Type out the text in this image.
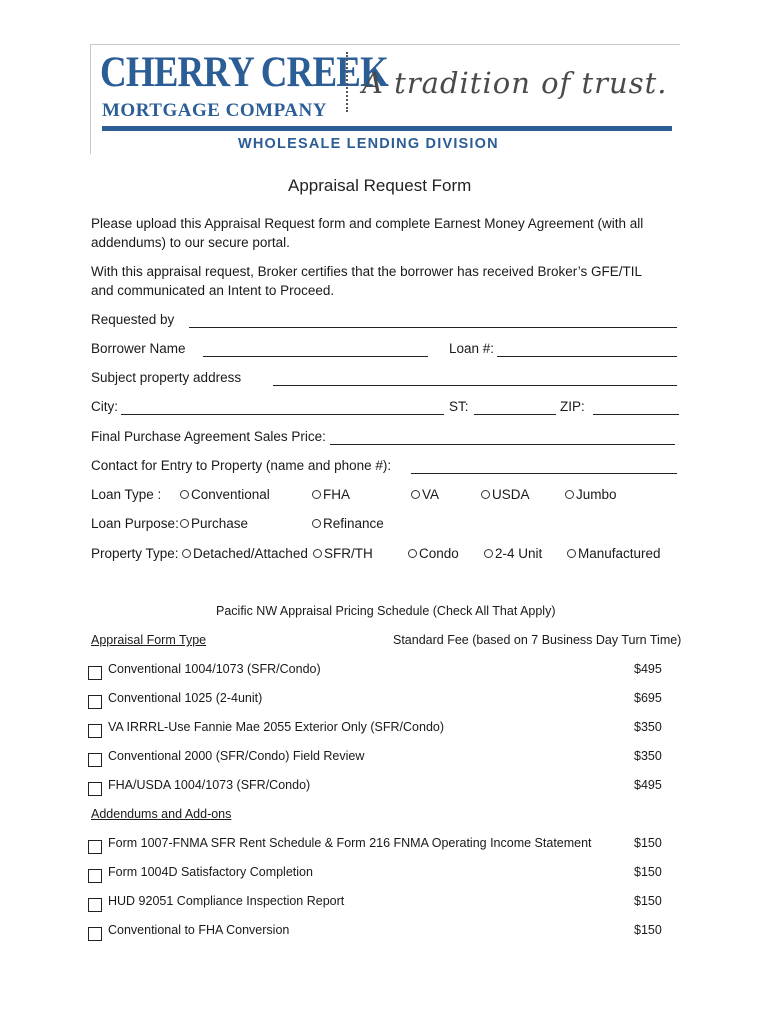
CHERRY CREEK
MORTGAGE COMPANY
A tradition of trust.
WHOLESALE LENDING DIVISION
Appraisal Request Form
Please upload this Appraisal Request form and complete Earnest Money Agreement (with all
addendums) to our secure portal.
With this appraisal request, Broker certifies that the borrower has received Broker’s GFE/TIL
and communicated an Intent to Proceed.
Requested by
Borrower Name	Loan #:
Subject property address
City:	ST:	ZIP:
Final Purchase Agreement Sales Price:
Contact for Entry to Property (name and phone #):
Loan Type :	Conventional	FHA	VA	USDA	Jumbo
Loan Purpose: Purchase	Refinance
Property Type:	Detached/Attached	SFR/TH	Condo	2-4 Unit	Manufactured
Pacific NW Appraisal Pricing Schedule (Check All That Apply)
Appraisal Form Type	Standard Fee (based on 7 Business Day Turn Time)
Conventional 1004/1073 (SFR/Condo)	$495
Conventional 1025 (2-4unit)	$695
VA IRRRL-Use Fannie Mae 2055 Exterior Only (SFR/Condo)	$350
Conventional 2000 (SFR/Condo) Field Review	$350
FHA/USDA 1004/1073 (SFR/Condo)	$495
Addendums and Add-ons
Form 1007-FNMA SFR Rent Schedule & Form 216 FNMA Operating Income Statement	$150
Form 1004D Satisfactory Completion	$150
HUD 92051 Compliance Inspection Report	$150
Conventional to FHA Conversion	$150
